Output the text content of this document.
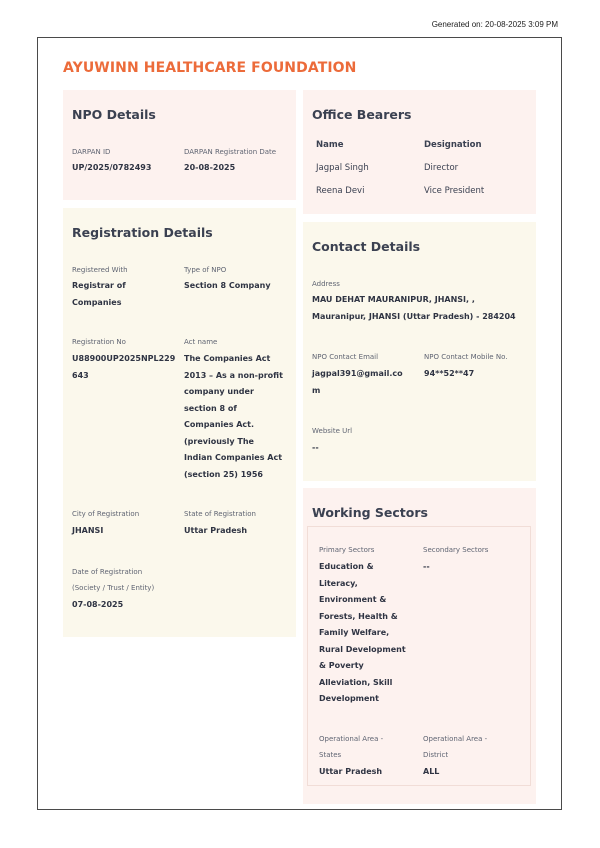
Generated on: 20-08-2025 3:09 PM
AYUWINN HEALTHCARE FOUNDATION
NPO Details
DARPAN ID
UP/2025/0782493
DARPAN Registration Date
20-08-2025
Office Bearers
Name	Designation
Jagpal Singh	Director
Reena Devi	Vice President
Registration Details
Registered With
Registrar of
Companies
Type of NPO
Section 8 Company
Registration No
U88900UP2025NPL229
643
Act name
The Companies Act
2013 – As a non-profit
company under
section 8 of
Companies Act.
(previously The
Indian Companies Act
(section 25) 1956
City of Registration
JHANSI
State of Registration
Uttar Pradesh
Date of Registration
(Society / Trust / Entity)
07-08-2025
Contact Details
Address
MAU DEHAT MAURANIPUR, JHANSI, ,
Mauranipur, JHANSI (Uttar Pradesh) - 284204
NPO Contact Email
jagpal391@gmail.co
m
NPO Contact Mobile No.
94**52**47
Website Url
--
Working Sectors
Primary Sectors
Education &
Literacy,
Environment &
Forests, Health &
Family Welfare,
Rural Development
& Poverty
Alleviation, Skill
Development
Secondary Sectors
--
Operational Area -
States
Uttar Pradesh
Operational Area -
District
ALL
